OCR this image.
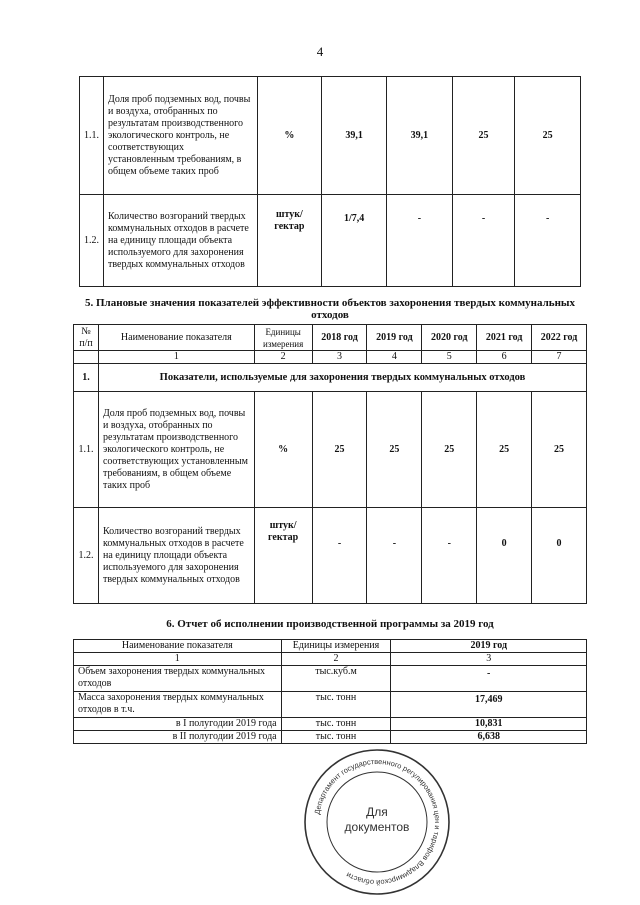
4
1.1.	Доля проб подземных вод, почвы и воздуха, отобранных по результатам производственного экологического контроль, не соответствующих установленным требованиям, в общем объеме таких проб	%	39,1	39,1	25	25
1.2.	Количество возгораний твердых коммунальных отходов в расчете на единицу площади объекта используемого для захоронения твердых коммунальных отходов	штук/ гектар	1/7,4	-	-	-
5. Плановые значения показателей эффективности объектов захоронения твердых коммунальных отходов
№ п/п	Наименование показателя	Единицы измерения	2018 год	2019 год	2020 год	2021 год	2022 год
	1	2	3	4	5	6	7
1.	Показатели, используемые для захоронения твердых коммунальных отходов						
1.1.	Доля проб подземных вод, почвы и воздуха, отобранных по результатам производственного экологического контроль, не соответствующих установленным требованиям, в общем объеме таких проб	%	25	25	25	25	25
1.2.	Количество возгораний твердых коммунальных отходов в расчете на единицу площади объекта используемого для захоронения твердых коммунальных отходов	штук/ гектар	-	-	-	0	0
6. Отчет об исполнении производственной программы за 2019 год
Наименование показателя	Единицы измерения	2019 год
1	2	3
Объем захоронения твердых коммунальных отходов	тыс.куб.м	-
Масса захоронения твердых коммунальных отходов в т.ч.	тыс. тонн	17,469
в I полугодии 2019 года	тыс. тонн	10,831
в II полугодии 2019 года	тыс. тонн	6,638
Департамент государственного регулирования цен и тарифов Владимирской области
Для
документов
